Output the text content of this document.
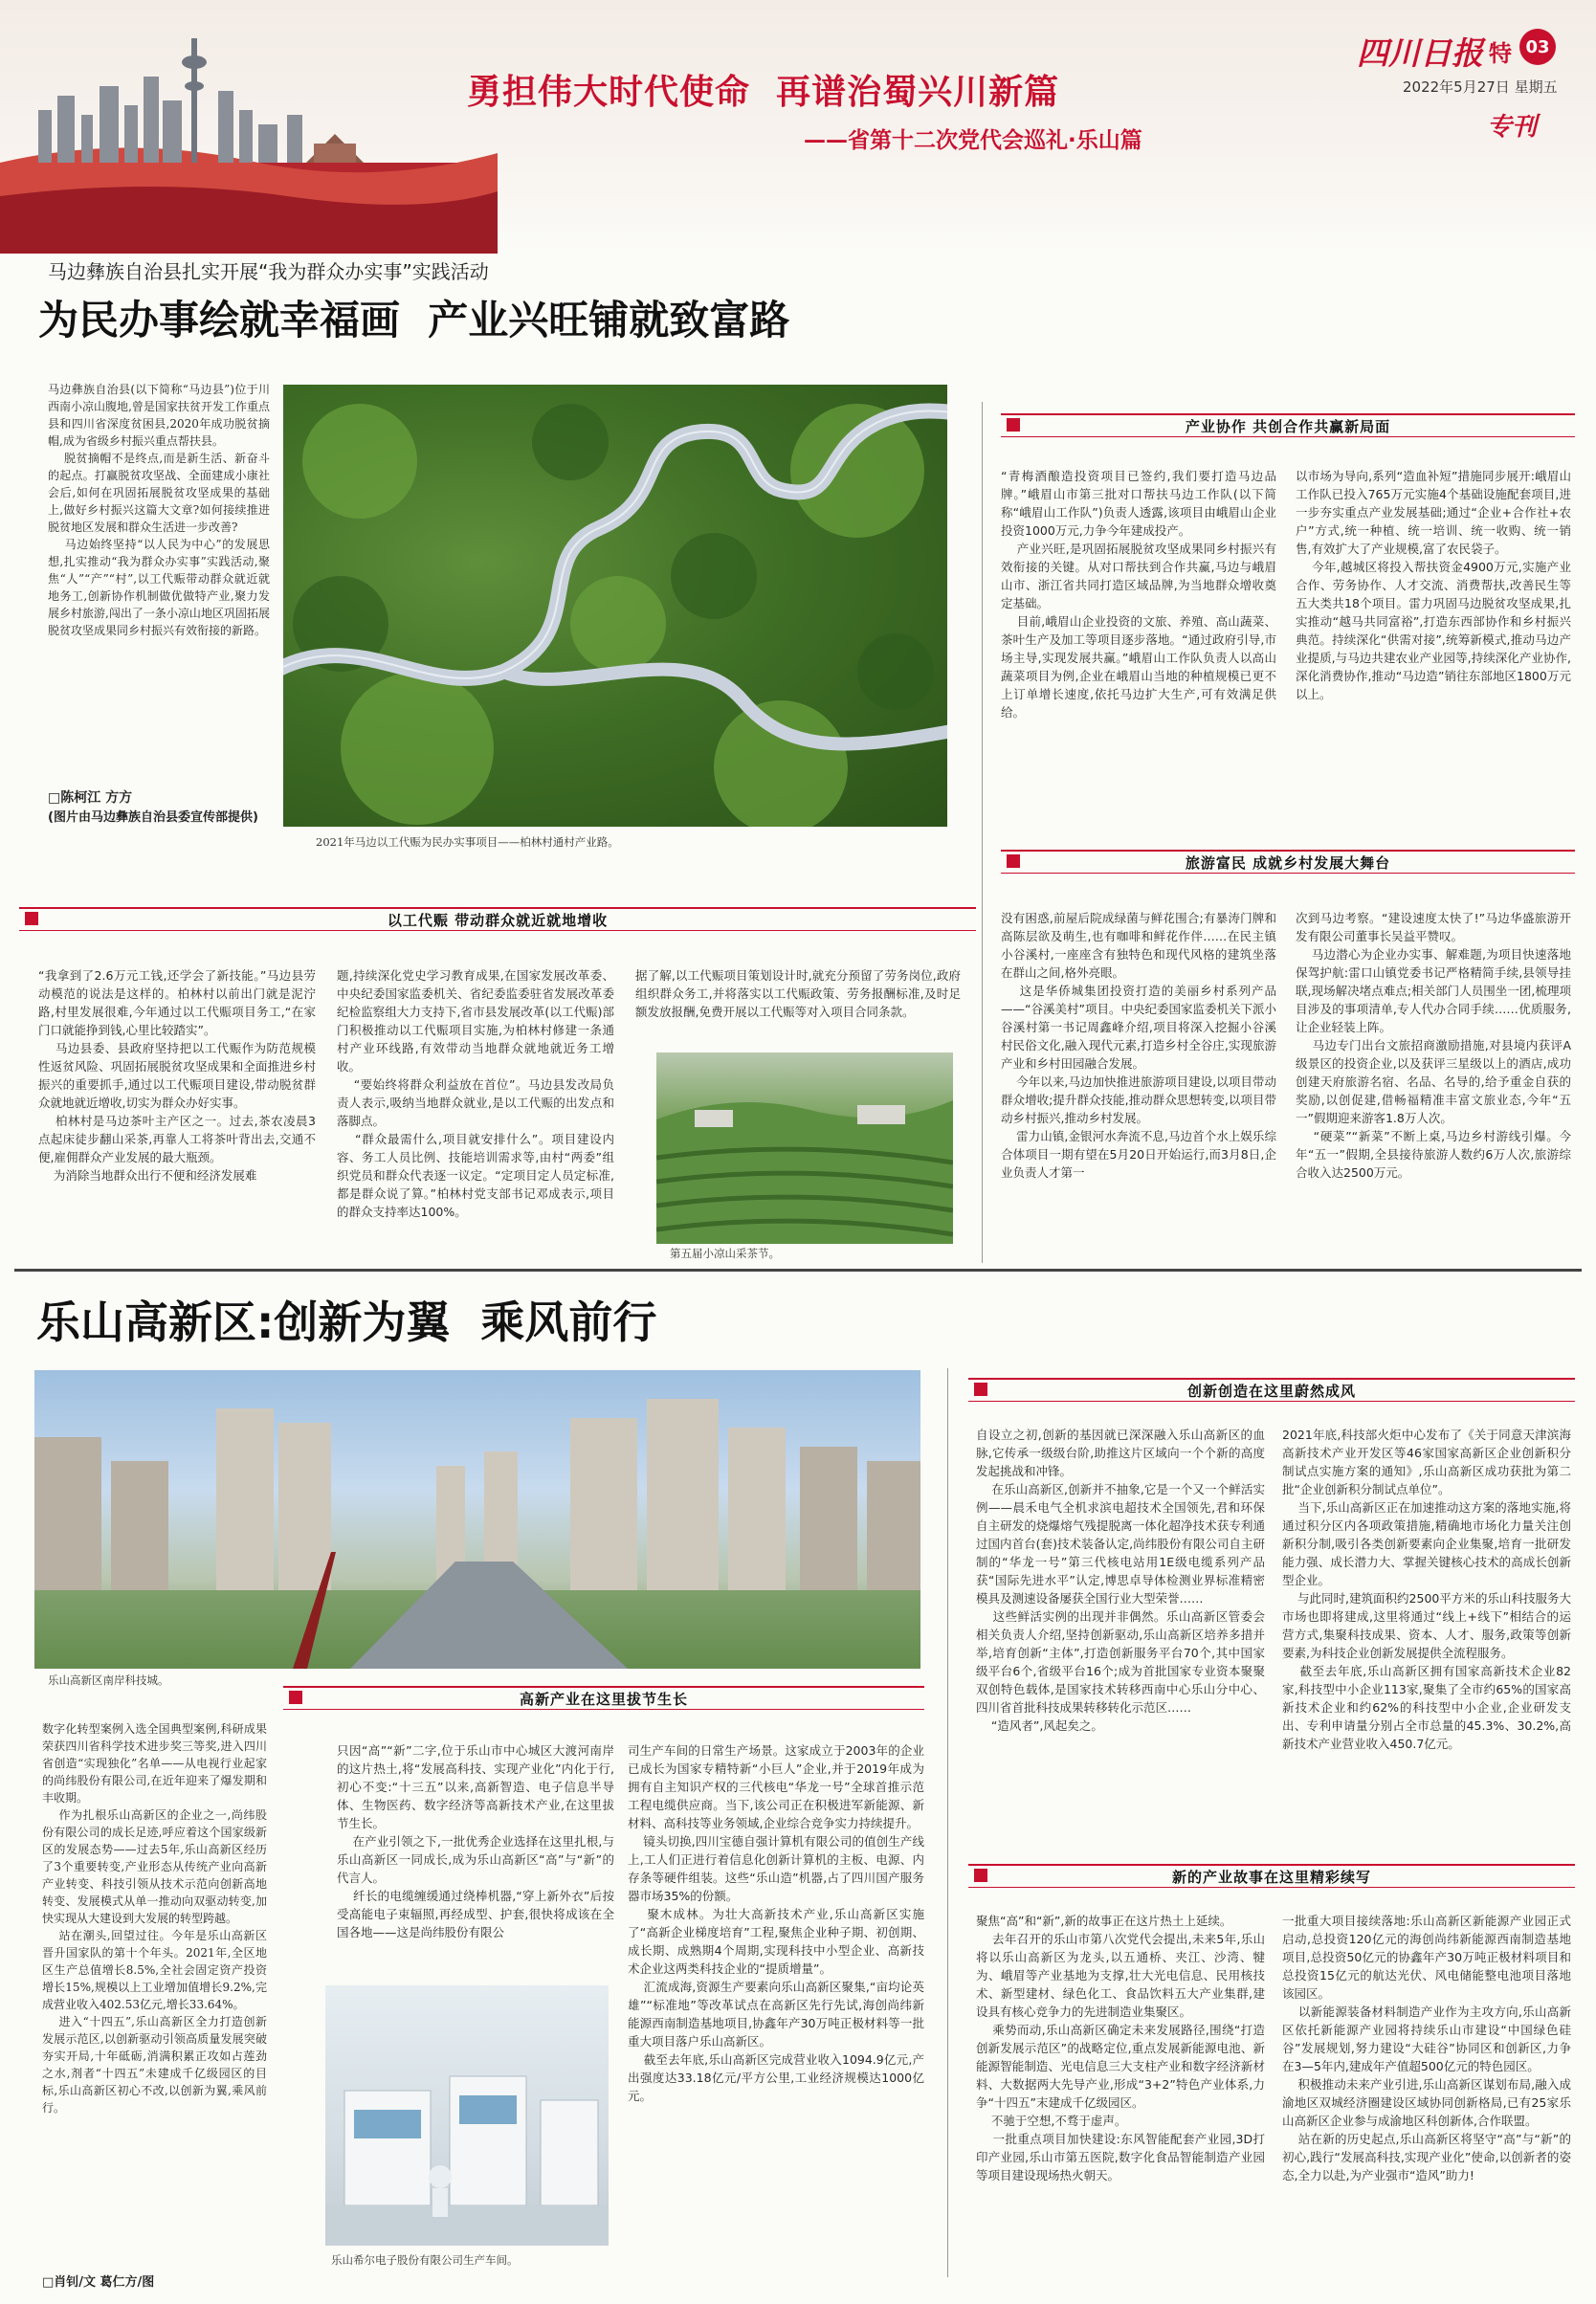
勇担伟大时代使命  再谱治蜀兴川新篇
——省第十二次党代会巡礼·乐山篇
四川日报 特 03
2022年5月27日 星期五
专刊
马边彝族自治县扎实开展“我为群众办实事”实践活动
为民办事绘就幸福画  产业兴旺铺就致富路
马边彝族自治县(以下简称“马边县”)位于川西南小凉山腹地,曾是国家扶贫开发工作重点县和四川省深度贫困县,2020年成功脱贫摘帽,成为省级乡村振兴重点帮扶县。
脱贫摘帽不是终点,而是新生活、新奋斗的起点。打赢脱贫攻坚战、全面建成小康社会后,如何在巩固拓展脱贫攻坚成果的基础上,做好乡村振兴这篇大文章?如何接续推进脱贫地区发展和群众生活进一步改善?
马边始终坚持“以人民为中心”的发展思想,扎实推动“我为群众办实事”实践活动,聚焦“人”“产”“村”,以工代赈带动群众就近就地务工,创新协作机制做优做特产业,聚力发展乡村旅游,闯出了一条小凉山地区巩固拓展脱贫攻坚成果同乡村振兴有效衔接的新路。
□陈柯江 方方
(图片由马边彝族自治县委宣传部提供)
2021年马边以工代赈为民办实事项目——柏林村通村产业路。
产业协作 共创合作共赢新局面
“青梅酒酿造投资项目已签约,我们要打造马边品牌。”峨眉山市第三批对口帮扶马边工作队(以下简称“峨眉山工作队”)负责人透露,该项目由峨眉山企业投资1000万元,力争今年建成投产。
产业兴旺,是巩固拓展脱贫攻坚成果同乡村振兴有效衔接的关键。从对口帮扶到合作共赢,马边与峨眉山市、浙江省共同打造区域品牌,为当地群众增收奠定基础。
目前,峨眉山企业投资的文旅、养殖、高山蔬菜、茶叶生产及加工等项目逐步落地。“通过政府引导,市场主导,实现发展共赢。”峨眉山工作队负责人以高山蔬菜项目为例,企业在峨眉山当地的种植规模已更不上订单增长速度,依托马边扩大生产,可有效满足供给。
以市场为导向,系列“造血补短”措施同步展开:峨眉山工作队已投入765万元实施4个基础设施配套项目,进一步夯实重点产业发展基础;通过“企业+合作社+农户”方式,统一种植、统一培训、统一收购、统一销售,有效扩大了产业规模,富了农民袋子。
今年,越城区将投入帮扶资金4900万元,实施产业合作、劳务协作、人才交流、消费帮扶,改善民生等五大类共18个项目。雷力巩固马边脱贫攻坚成果,扎实推动“越马共同富裕”,打造东西部协作和乡村振兴典范。持续深化“供需对接”,统筹新模式,推动马边产业提质,与马边共建农业产业园等,持续深化产业协作,深化消费协作,推动“马边造”销往东部地区1800万元以上。
旅游富民 成就乡村发展大舞台
没有困惑,前屋后院成绿菌与鲜花围合;有暴涛门牌和高陈层欲及萌生,也有咖啡和鲜花作伴……在民主镇小谷溪村,一座座含有独特色和现代风格的建筑坐落在群山之间,格外亮眼。
这是华侨城集团投资打造的美丽乡村系列产品——“谷溪美村”项目。中央纪委国家监委机关下派小谷溪村第一书记周鑫峰介绍,项目将深入挖掘小谷溪村民俗文化,融入现代元素,打造乡村全谷庄,实现旅游产业和乡村田园融合发展。
今年以来,马边加快推进旅游项目建设,以项目带动群众增收;提升群众技能,推动群众思想转变,以项目带动乡村振兴,推动乡村发展。
雷力山镇,金银河水奔流不息,马边首个水上娱乐综合体项目一期有望在5月20日开始运行,而3月8日,企业负责人才第一
次到马边考察。“建设速度太快了!”马边华盛旅游开发有限公司董事长吴益平赞叹。
马边潜心为企业办实事、解难题,为项目快速落地保驾护航:雷口山镇党委书记严格精简手续,县领导挂联,现场解决堵点难点;相关部门人员围坐一团,梳理项目涉及的事项清单,专人代办合同手续……优质服务,让企业轻装上阵。
马边专门出台文旅招商激励措施,对县境内获评A级景区的投资企业,以及获评三星级以上的酒店,成功创建天府旅游名宿、名品、名导的,给予重金自获的奖励,以创促建,借畅福精准丰富文旅业态,今年“五一”假期迎来游客1.8万人次。
“硬菜”“新菜”不断上桌,马边乡村游线引爆。今年“五一”假期,全县接待旅游人数约6万人次,旅游综合收入达2500万元。
以工代赈 带动群众就近就地增收
“我拿到了2.6万元工钱,还学会了新技能。”马边县劳动模范的说法是这样的。柏林村以前出门就是泥泞路,村里发展很难,今年通过以工代赈项目务工,“在家门口就能挣到钱,心里比较踏实”。
马边县委、县政府坚持把以工代赈作为防范规模性返贫风险、巩固拓展脱贫攻坚成果和全面推进乡村振兴的重要抓手,通过以工代赈项目建设,带动脱贫群众就地就近增收,切实为群众办好实事。
柏林村是马边茶叶主产区之一。过去,茶农凌晨3点起床徒步翻山采茶,再靠人工将茶叶背出去,交通不便,雇佣群众产业发展的最大瓶颈。
为消除当地群众出行不便和经济发展难
题,持续深化党史学习教育成果,在国家发展改革委、中央纪委国家监委机关、省纪委监委驻省发展改革委纪检监察组大力支持下,省市县发展改革(以工代赈)部门积极推动以工代赈项目实施,为柏林村修建一条通村产业环线路,有效带动当地群众就地就近务工增收。
“要始终将群众利益放在首位”。马边县发改局负责人表示,吸纳当地群众就业,是以工代赈的出发点和落脚点。
“群众最需什么,项目就安排什么”。项目建设内容、务工人员比例、技能培训需求等,由村“两委”组织党员和群众代表逐一议定。“定项目定人员定标准,都是群众说了算。”柏林村党支部书记邓成表示,项目的群众支持率达100%。
据了解,以工代赈项目策划设计时,就充分预留了劳务岗位,政府组织群众务工,并将落实以工代赈政策、劳务报酬标准,及时足额发放报酬,免费开展以工代赈等对入项目合同条款。
第五届小凉山采茶节。
乐山高新区:创新为翼  乘风前行
乐山高新区南岸科技城。
数字化转型案例入选全国典型案例,科研成果荣获四川省科学技术进步奖三等奖,进入四川省创造“实现独化”名单——从电视行业起家的尚纬股份有限公司,在近年迎来了爆发期和丰收期。
作为扎根乐山高新区的企业之一,尚纬股份有限公司的成长足迹,呼应着这个国家级新区的发展态势——过去5年,乐山高新区经历了3个重要转变,产业形态从传统产业向高新产业转变、科技引领从技术示范向创新高地转变、发展模式从单一推动向双驱动转变,加快实现从大建设到大发展的转型跨越。
站在潮头,回望过往。今年是乐山高新区晋升国家队的第十个年头。2021年,全区地区生产总值增长8.5%,全社会固定资产投资增长15%,规模以上工业增加值增长9.2%,完成营业收入402.53亿元,增长33.64%。
进入“十四五”,乐山高新区全力打造创新发展示范区,以创新驱动引领高质量发展突破夯实开局,十年砥砺,消满积累正攻如占莲劲之水,剂者“十四五”未建成千亿级园区的目标,乐山高新区初心不改,以创新为翼,乘风前行。
□肖钊/文 葛仁方/图
高新产业在这里拔节生长
只因“高”“新”二字,位于乐山市中心城区大渡河南岸的这片热土,将“发展高科技、实现产业化”内化于行,初心不变:“十三五”以来,高新智造、电子信息半导体、生物医药、数字经济等高新技术产业,在这里拔节生长。
在产业引领之下,一批优秀企业选择在这里扎根,与乐山高新区一同成长,成为乐山高新区“高”与“新”的代言人。
纤长的电缆缠缓通过绕棒机器,“穿上新外衣”后按受高能电子束辐照,再经成型、护套,很快将成该在全国各地——这是尚纬股份有限公
乐山希尔电子股份有限公司生产车间。
司生产车间的日常生产场景。这家成立于2003年的企业已成长为国家专精特新“小巨人”企业,并于2019年成为拥有自主知识产权的三代核电“华龙一号”全球首推示范工程电缆供应商。当下,该公司正在积极进军新能源、新材料、高科技等业务领域,企业综合竞争实力持续提升。
镜头切换,四川宝德自强计算机有限公司的值创生产线上,工人们正进行着信息化创新计算机的主板、电源、内存条等硬件组装。这些“乐山造”机器,占了四川国产服务器市场35%的份额。
聚木成林。为壮大高新技术产业,乐山高新区实施了“高新企业梯度培育”工程,聚焦企业种子期、初创期、成长期、成熟期4个周期,实现科技中小型企业、高新技术企业这两类科技企业的“提质增量”。
汇流成海,资源生产要素向乐山高新区聚集,“亩均论英雄”“标准地”等改革试点在高新区先行先试,海创尚纬新能源西南制造基地项目,协鑫年产30万吨正极材料等一批重大项目落户乐山高新区。
截至去年底,乐山高新区完成营业收入1094.9亿元,产出强度达33.18亿元/平方公里,工业经济规模达1000亿元。
创新创造在这里蔚然成风
自设立之初,创新的基因就已深深融入乐山高新区的血脉,它传承一级级台阶,助推这片区域向一个个新的高度发起挑战和冲锋。
在乐山高新区,创新并不抽象,它是一个又一个鲜活实例——晨禾电气全机求滨电超技术全国领先,君和环保自主研发的烧爆熔气残提脱离一体化超净技术获专利通过国内首台(套)技术装备认定,尚纬股份有限公司自主研制的“华龙一号”第三代核电站用1E级电缆系列产品获“国际先进水平”认定,博思卓导体检测业界标准精密模具及测速设备屡获全国行业大型荣誉……
这些鲜活实例的出现并非偶然。乐山高新区管委会相关负责人介绍,坚持创新驱动,乐山高新区培养多措并举,培育创新“主体”,打造创新服务平台70个,其中国家级平台6个,省级平台16个;成为首批国家专业资本聚聚双创特色载体,是国家技术转移西南中心乐山分中心、四川省首批科技成果转移转化示范区……
“造风者”,风起矣之。
2021年底,科技部火炬中心发布了《关于同意天津滨海高新技术产业开发区等46家国家高新区企业创新积分制试点实施方案的通知》,乐山高新区成功获批为第二批“企业创新积分制试点单位”。
当下,乐山高新区正在加速推动这方案的落地实施,将通过积分区内各项政策措施,精确地市场化力量关注创新积分制,吸引各类创新要素向企业集聚,培育一批研发能力强、成长潜力大、掌握关键核心技术的高成长创新型企业。
与此同时,建筑面积约2500平方米的乐山科技服务大市场也即将建成,这里将通过“线上+线下”相结合的运营方式,集聚科技成果、资本、人才、服务,政策等创新要素,为科技企业创新发展提供全流程服务。
截至去年底,乐山高新区拥有国家高新技术企业82家,科技型中小企业113家,聚集了全市约65%的国家高新技术企业和约62%的科技型中小企业,企业研发支出、专利申请量分别占全市总量的45.3%、30.2%,高新技术产业营业收入450.7亿元。
新的产业故事在这里精彩续写
聚焦“高”和“新”,新的故事正在这片热土上延续。
去年召开的乐山市第八次党代会提出,未来5年,乐山将以乐山高新区为龙头,以五通桥、夹江、沙湾、犍为、峨眉等产业基地为支撑,壮大光电信息、民用核技术、新型建材、绿色化工、食品饮料五大产业集群,建设具有核心竞争力的先进制造业集聚区。
乘势而动,乐山高新区确定未来发展路径,围绕“打造创新发展示范区”的战略定位,重点发展新能源电池、新能源智能制造、光电信息三大支柱产业和数字经济新材料、大数据两大先导产业,形成“3+2”特色产业体系,力争“十四五”末建成千亿级园区。
不驰于空想,不骛于虚声。
一批重点项目加快建设:东风智能配套产业园,3D打印产业园,乐山市第五医院,数字化食品智能制造产业园等项目建设现场热火朝天。
一批重大项目接续落地:乐山高新区新能源产业园正式启动,总投资120亿元的海创尚纬新能源西南制造基地项目,总投资50亿元的协鑫年产30万吨正极材料项目和总投资15亿元的航达光伏、风电储能整电池项目落地该园区。
以新能源装备材料制造产业作为主攻方向,乐山高新区依托新能源产业园将持续乐山市建设“中国绿色硅谷”发展规划,努力建设“大硅谷”协同区和创新区,力争在3—5年内,建成年产值超500亿元的特色园区。
积极推动未来产业引进,乐山高新区谋划布局,融入成渝地区双城经济圈建设区域协同创新格局,已有25家乐山高新区企业参与成渝地区科创新体,合作联盟。
站在新的历史起点,乐山高新区将坚守“高”与“新”的初心,践行“发展高科技,实现产业化”使命,以创新者的姿态,全力以赴,为产业强市“造风”助力!
